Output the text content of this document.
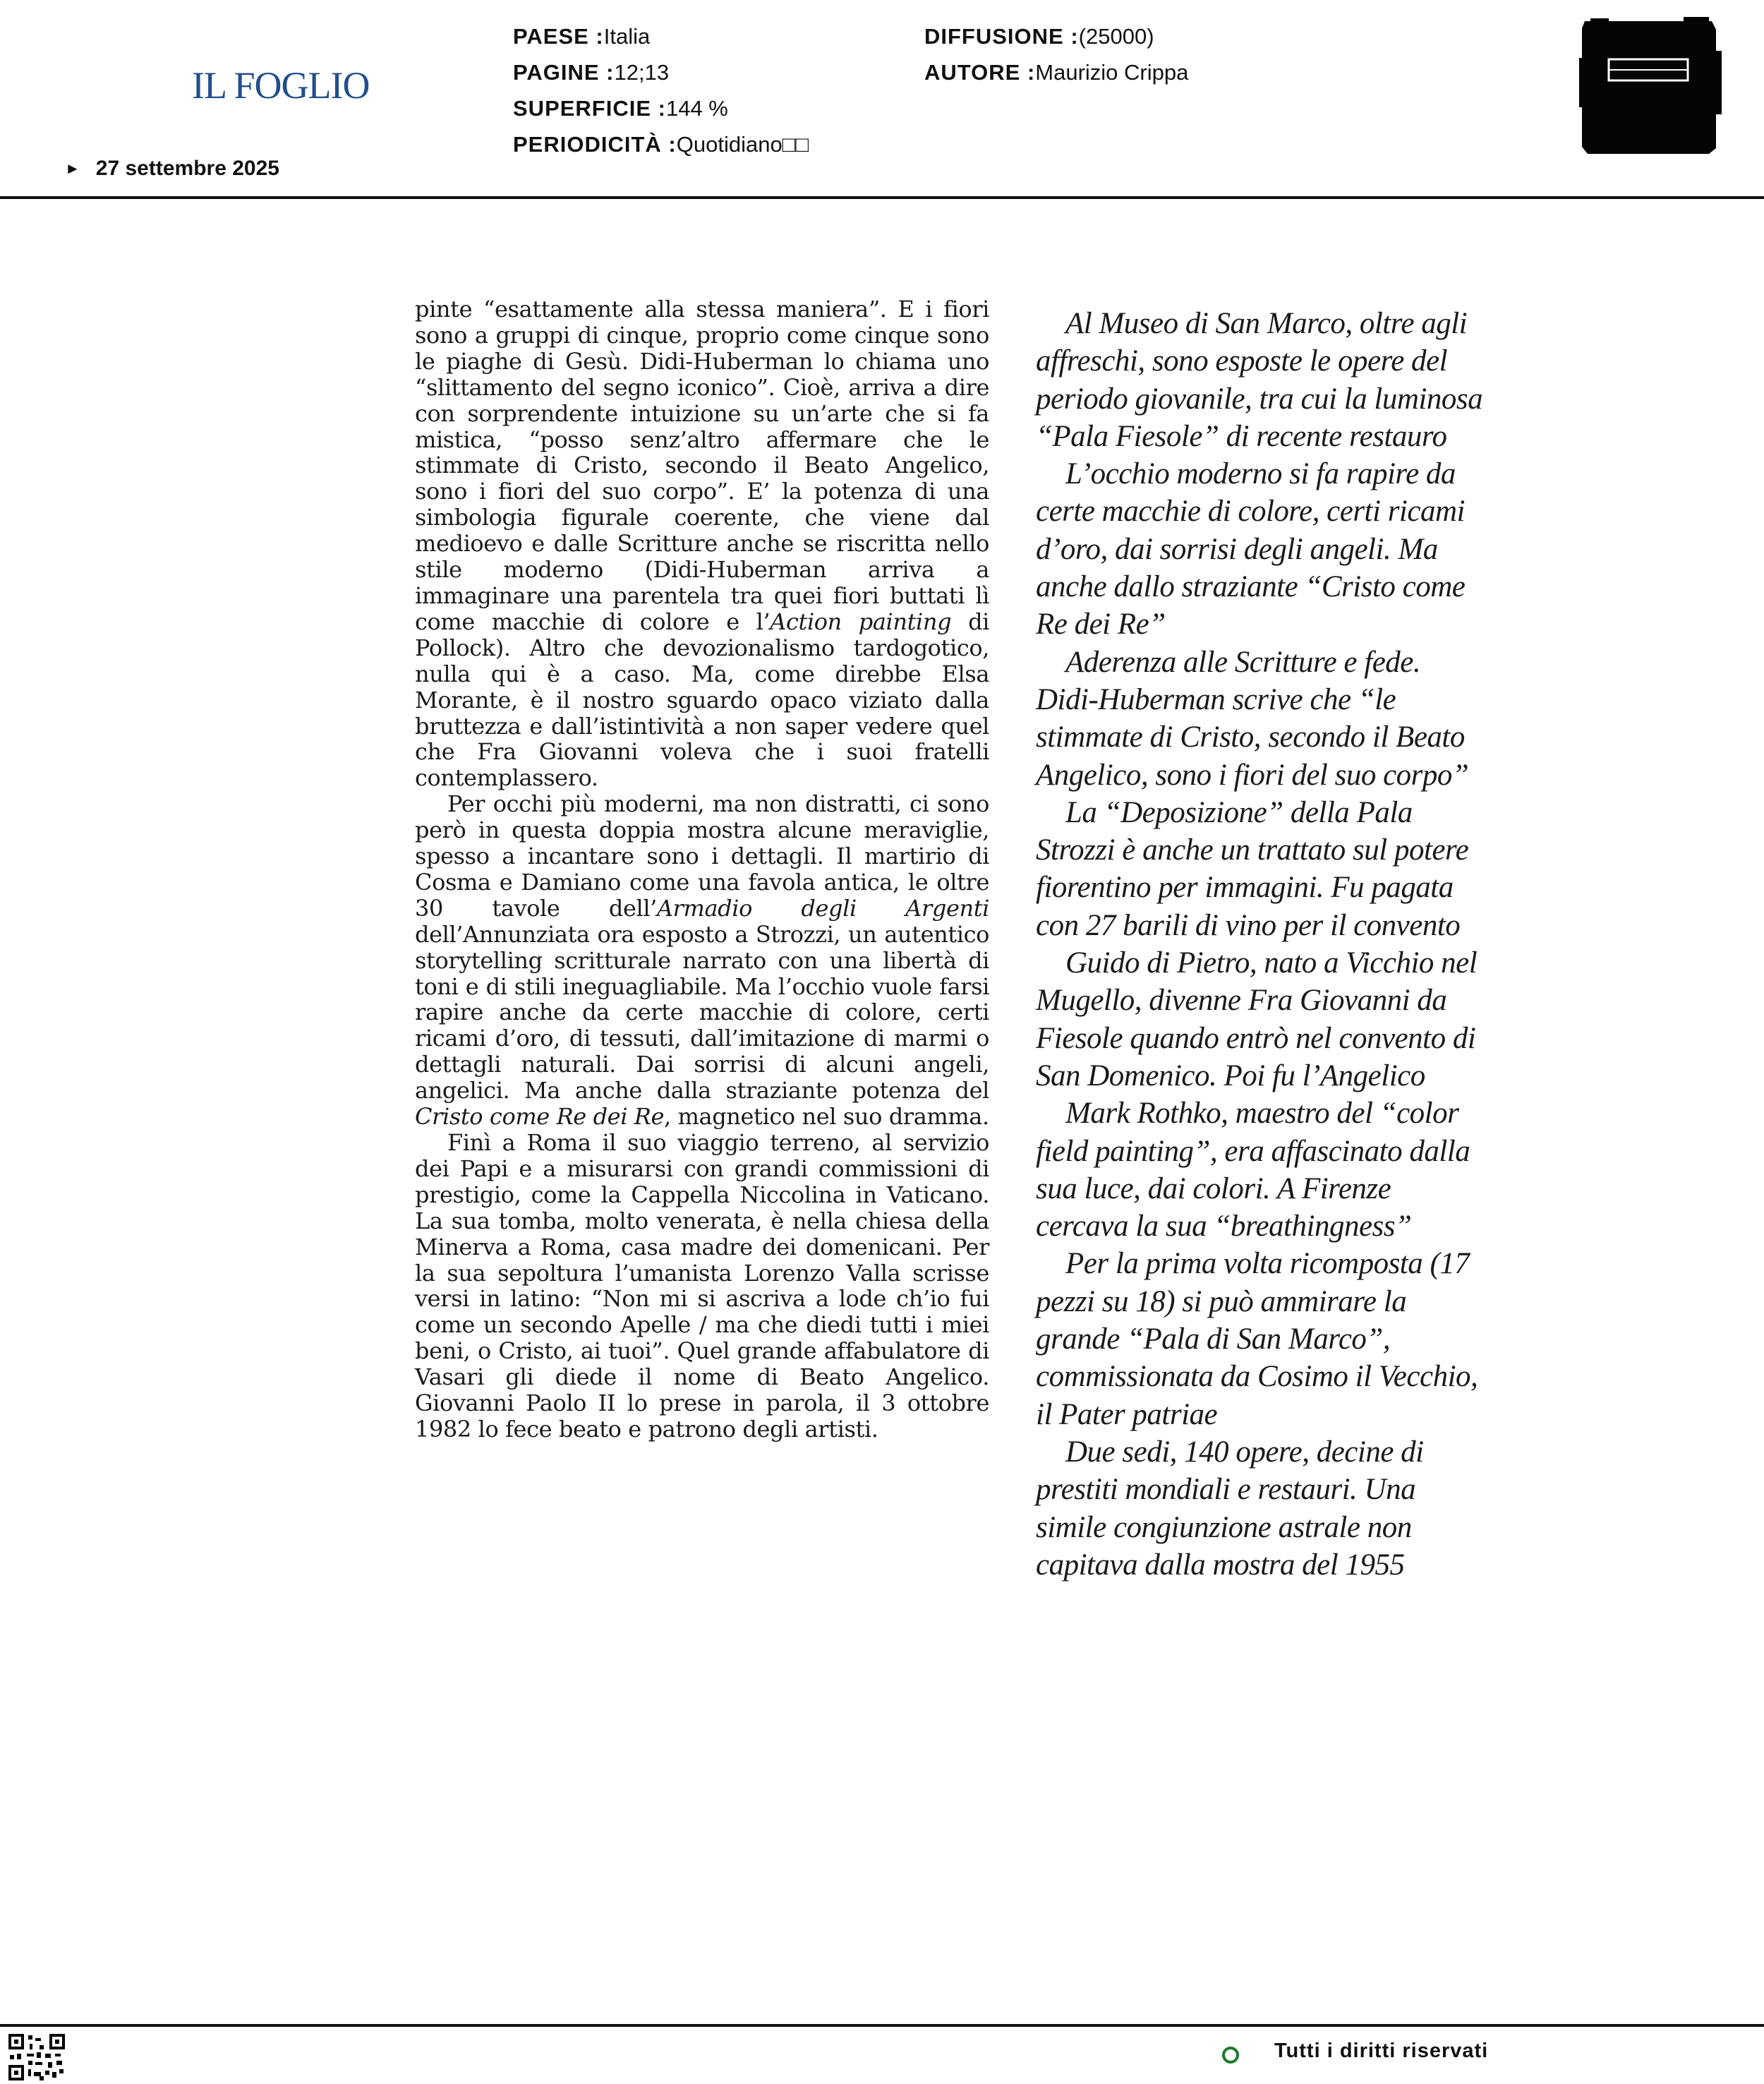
IL FOGLIO
► 27 settembre 2025
PAESE :Italia
PAGINE :12;13
SUPERFICIE :144 %
PERIODICITÀ :Quotidiano□□
DIFFUSIONE :(25000)
AUTORE :Maurizio Crippa

pinte “esattamente alla stessa maniera”. E i fiori sono a gruppi di cinque, proprio come cinque sono le piaghe di Gesù. Didi-Huberman lo chiama uno “slittamento del segno iconico”. Cioè, arriva a dire con sorprendente intuizione su un’arte che si fa mistica, “posso senz’altro affermare che le stimmate di Cristo, secondo il Beato Angelico, sono i fiori del suo corpo”. E’ la potenza di una simbologia figurale coerente, che viene dal medioevo e dalle Scritture anche se riscritta nello stile moderno (Didi-Huberman arriva a immaginare una parentela tra quei fiori buttati lì come macchie di colore e l’Action painting di Pollock). Altro che devozionalismo tardogotico, nulla qui è a caso. Ma, come direbbe Elsa Morante, è il nostro sguardo opaco viziato dalla bruttezza e dall’istintività a non saper vedere quel che Fra Giovanni voleva che i suoi fratelli contemplassero.

Per occhi più moderni, ma non distratti, ci sono però in questa doppia mostra alcune meraviglie, spesso a incantare sono i dettagli. Il martirio di Cosma e Damiano come una favola antica, le oltre 30 tavole dell’Armadio degli Argenti dell’Annunziata ora esposto a Strozzi, un autentico storytelling scritturale narrato con una libertà di toni e di stili ineguagliabile. Ma l’occhio vuole farsi rapire anche da certe macchie di colore, certi ricami d’oro, di tessuti, dall’imitazione di marmi o dettagli naturali. Dai sorrisi di alcuni angeli, angelici. Ma anche dalla straziante potenza del Cristo come Re dei Re, magnetico nel suo dramma.

Finì a Roma il suo viaggio terreno, al servizio dei Papi e a misurarsi con grandi commissioni di prestigio, come la Cappella Niccolina in Vaticano. La sua tomba, molto venerata, è nella chiesa della Minerva a Roma, casa madre dei domenicani. Per la sua sepoltura l’umanista Lorenzo Valla scrisse versi in latino: “Non mi si ascriva a lode ch’io fui come un secondo Apelle / ma che diedi tutti i miei beni, o Cristo, ai tuoi”. Quel grande affabulatore di Vasari gli diede il nome di Beato Angelico. Giovanni Paolo II lo prese in parola, il 3 ottobre 1982 lo fece beato e patrono degli artisti.

Al Museo di San Marco, oltre agli affreschi, sono esposte le opere del periodo giovanile, tra cui la luminosa “Pala Fiesole” di recente restauro

L’occhio moderno si fa rapire da certe macchie di colore, certi ricami d’oro, dai sorrisi degli angeli. Ma anche dallo straziante “Cristo come Re dei Re”

Aderenza alle Scritture e fede. Didi-Huberman scrive che “le stimmate di Cristo, secondo il Beato Angelico, sono i fiori del suo corpo”

La “Deposizione” della Pala Strozzi è anche un trattato sul potere fiorentino per immagini. Fu pagata con 27 barili di vino per il convento

Guido di Pietro, nato a Vicchio nel Mugello, divenne Fra Giovanni da Fiesole quando entrò nel convento di San Domenico. Poi fu l’Angelico

Mark Rothko, maestro del “color field painting”, era affascinato dalla sua luce, dai colori. A Firenze cercava la sua “breathingness”

Per la prima volta ricomposta (17 pezzi su 18) si può ammirare la grande “Pala di San Marco”, commissionata da Cosimo il Vecchio, il Pater patriae

Due sedi, 140 opere, decine di prestiti mondiali e restauri. Una simile congiunzione astrale non capitava dalla mostra del 1955

Tutti i diritti riservati
